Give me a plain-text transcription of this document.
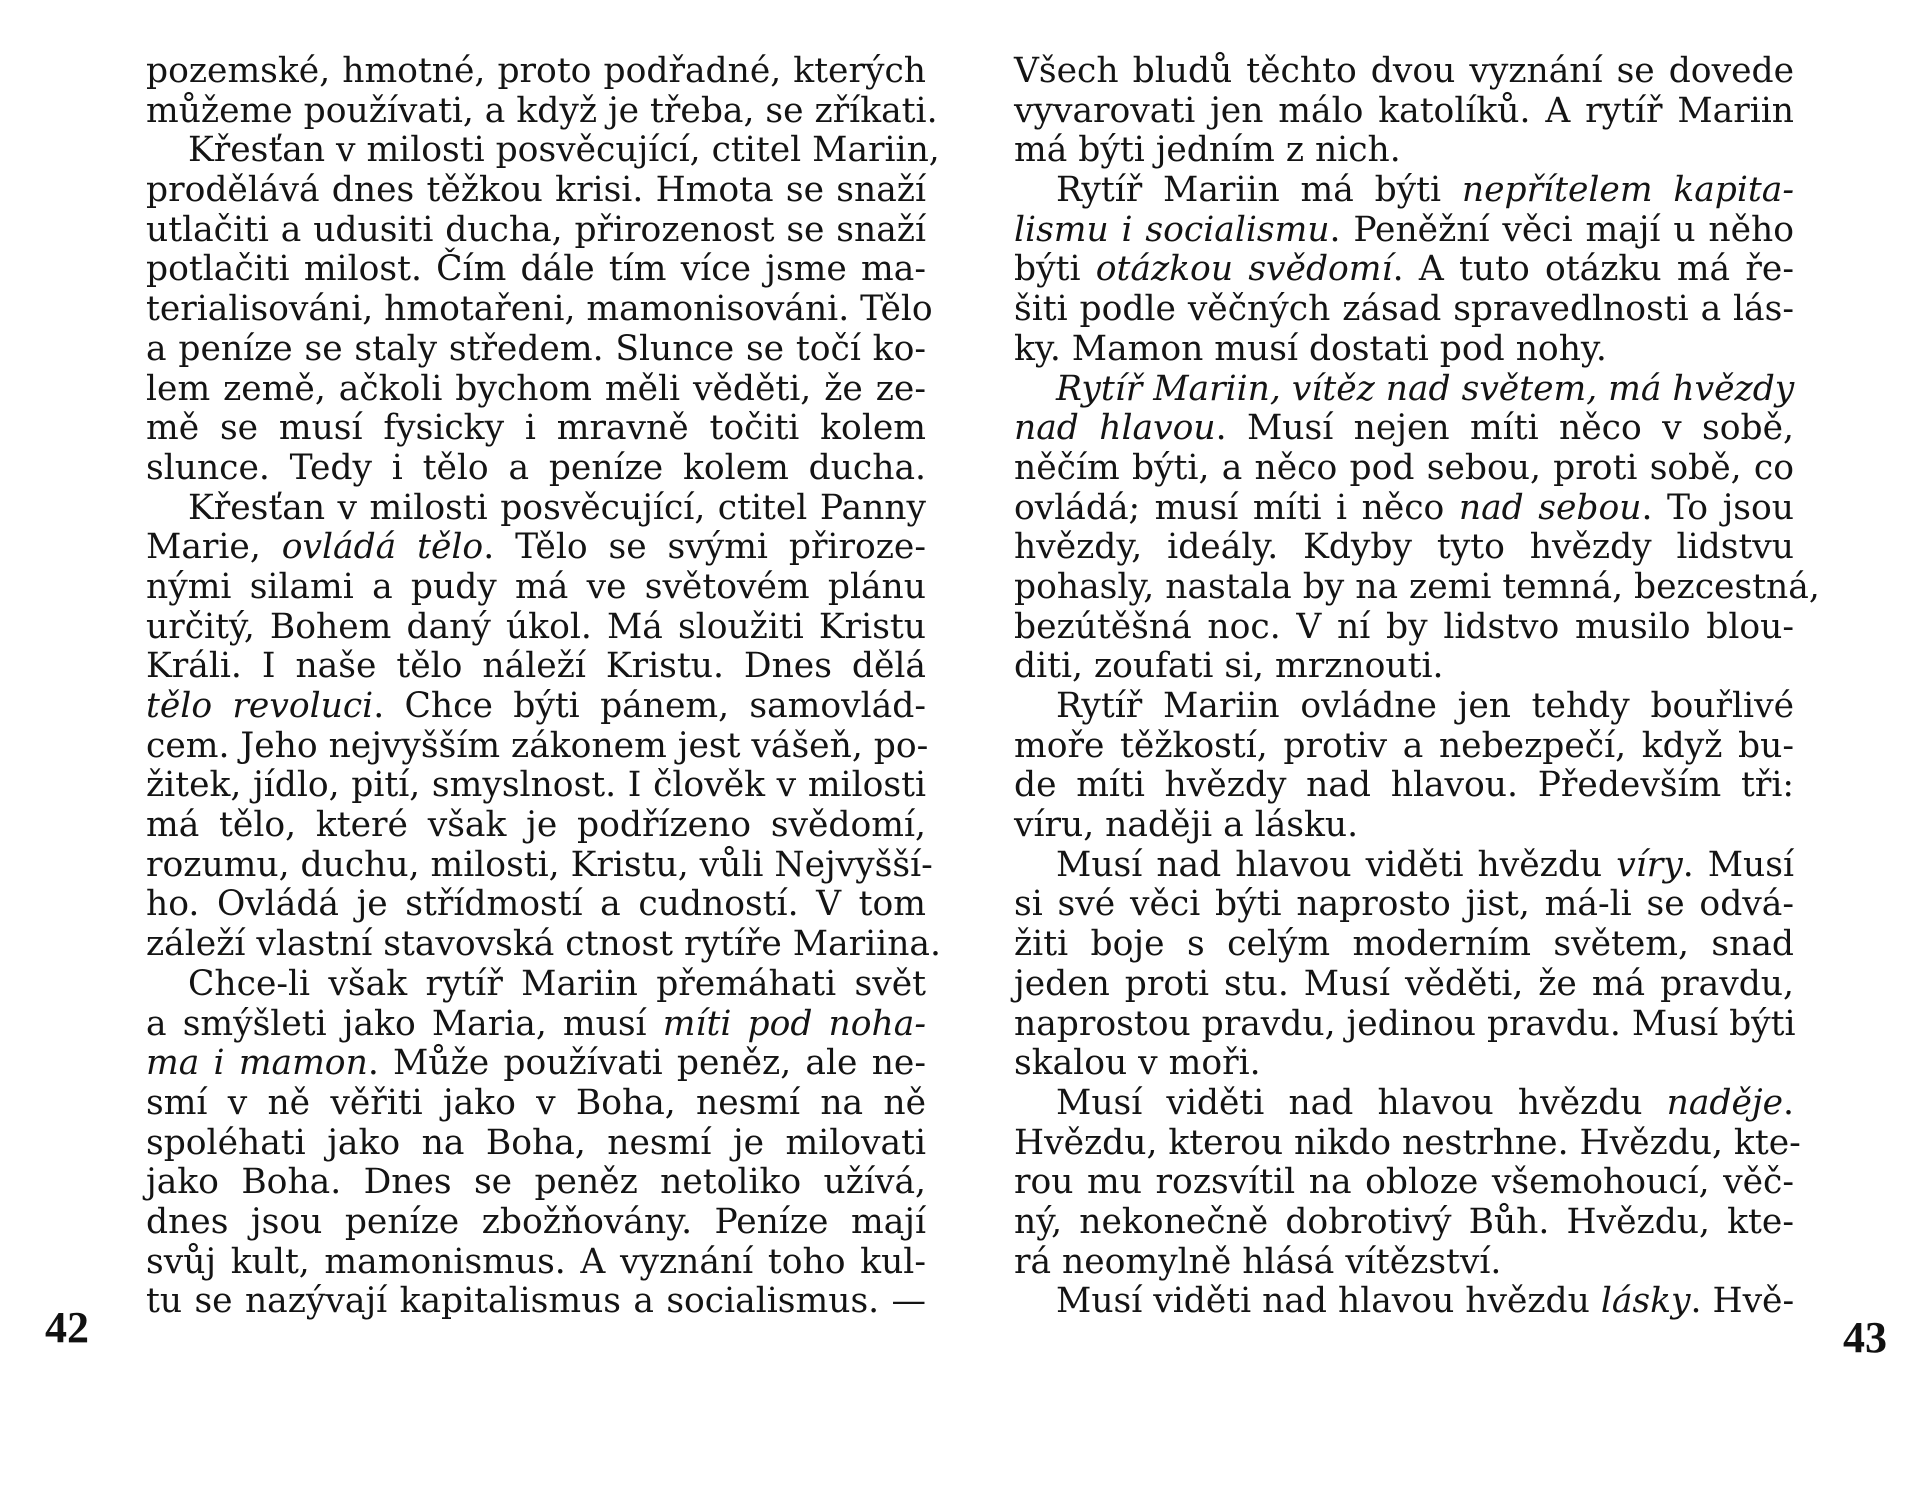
pozemské, hmotné, proto podřadné, kterých
můžeme používati, a když je třeba, se zříkati.
Křesťan v milosti posvěcující, ctitel Mariin,
prodělává dnes těžkou krisi. Hmota se snaží
utlačiti a udusiti ducha, přirozenost se snaží
potlačiti milost. Čím dále tím více jsme ma-
terialisováni, hmotařeni, mamonisováni. Tělo
a peníze se staly středem. Slunce se točí ko-
lem země, ačkoli bychom měli věděti, že ze-
mě se musí fysicky i mravně točiti kolem
slunce. Tedy i tělo a peníze kolem ducha.
Křesťan v milosti posvěcující, ctitel Panny
Marie, ovládá tělo. Tělo se svými přiroze-
nými silami a pudy má ve světovém plánu
určitý, Bohem daný úkol. Má sloužiti Kristu
Králi. I naše tělo náleží Kristu. Dnes dělá
tělo revoluci. Chce býti pánem, samovlád-
cem. Jeho nejvyšším zákonem jest vášeň, po-
žitek, jídlo, pití, smyslnost. I člověk v milosti
má tělo, které však je podřízeno svědomí,
rozumu, duchu, milosti, Kristu, vůli Nejvyšší-
ho. Ovládá je střídmostí a cudností. V tom
záleží vlastní stavovská ctnost rytíře Mariina.
Chce-li však rytíř Mariin přemáhati svět
a smýšleti jako Maria, musí míti pod noha-
ma i mamon. Může používati peněz, ale ne-
smí v ně věřiti jako v Boha, nesmí na ně
spoléhati jako na Boha, nesmí je milovati
jako Boha. Dnes se peněz netoliko užívá,
dnes jsou peníze zbožňovány. Peníze mají
svůj kult, mamonismus. A vyznání toho kul-
tu se nazývají kapitalismus a socialismus. —
Všech bludů těchto dvou vyznání se dovede
vyvarovati jen málo katolíků. A rytíř Mariin
má býti jedním z nich.
Rytíř Mariin má býti nepřítelem kapita-
lismu i socialismu. Peněžní věci mají u něho
býti otázkou svědomí. A tuto otázku má ře-
šiti podle věčných zásad spravedlnosti a lás-
ky. Mamon musí dostati pod nohy.
Rytíř Mariin, vítěz nad světem, má hvězdy
nad hlavou. Musí nejen míti něco v sobě,
něčím býti, a něco pod sebou, proti sobě, co
ovládá; musí míti i něco nad sebou. To jsou
hvězdy, ideály. Kdyby tyto hvězdy lidstvu
pohasly, nastala by na zemi temná, bezcestná,
bezútěšná noc. V ní by lidstvo musilo blou-
diti, zoufati si, mrznouti.
Rytíř Mariin ovládne jen tehdy bouřlivé
moře těžkostí, protiv a nebezpečí, když bu-
de míti hvězdy nad hlavou. Především tři:
víru, naději a lásku.
Musí nad hlavou viděti hvězdu víry. Musí
si své věci býti naprosto jist, má-li se odvá-
žiti boje s celým moderním světem, snad
jeden proti stu. Musí věděti, že má pravdu,
naprostou pravdu, jedinou pravdu. Musí býti
skalou v moři.
Musí viděti nad hlavou hvězdu naděje.
Hvězdu, kterou nikdo nestrhne. Hvězdu, kte-
rou mu rozsvítil na obloze všemohoucí, věč-
ný, nekonečně dobrotivý Bůh. Hvězdu, kte-
rá neomylně hlásá vítězství.
Musí viděti nad hlavou hvězdu lásky. Hvě-
42	43
